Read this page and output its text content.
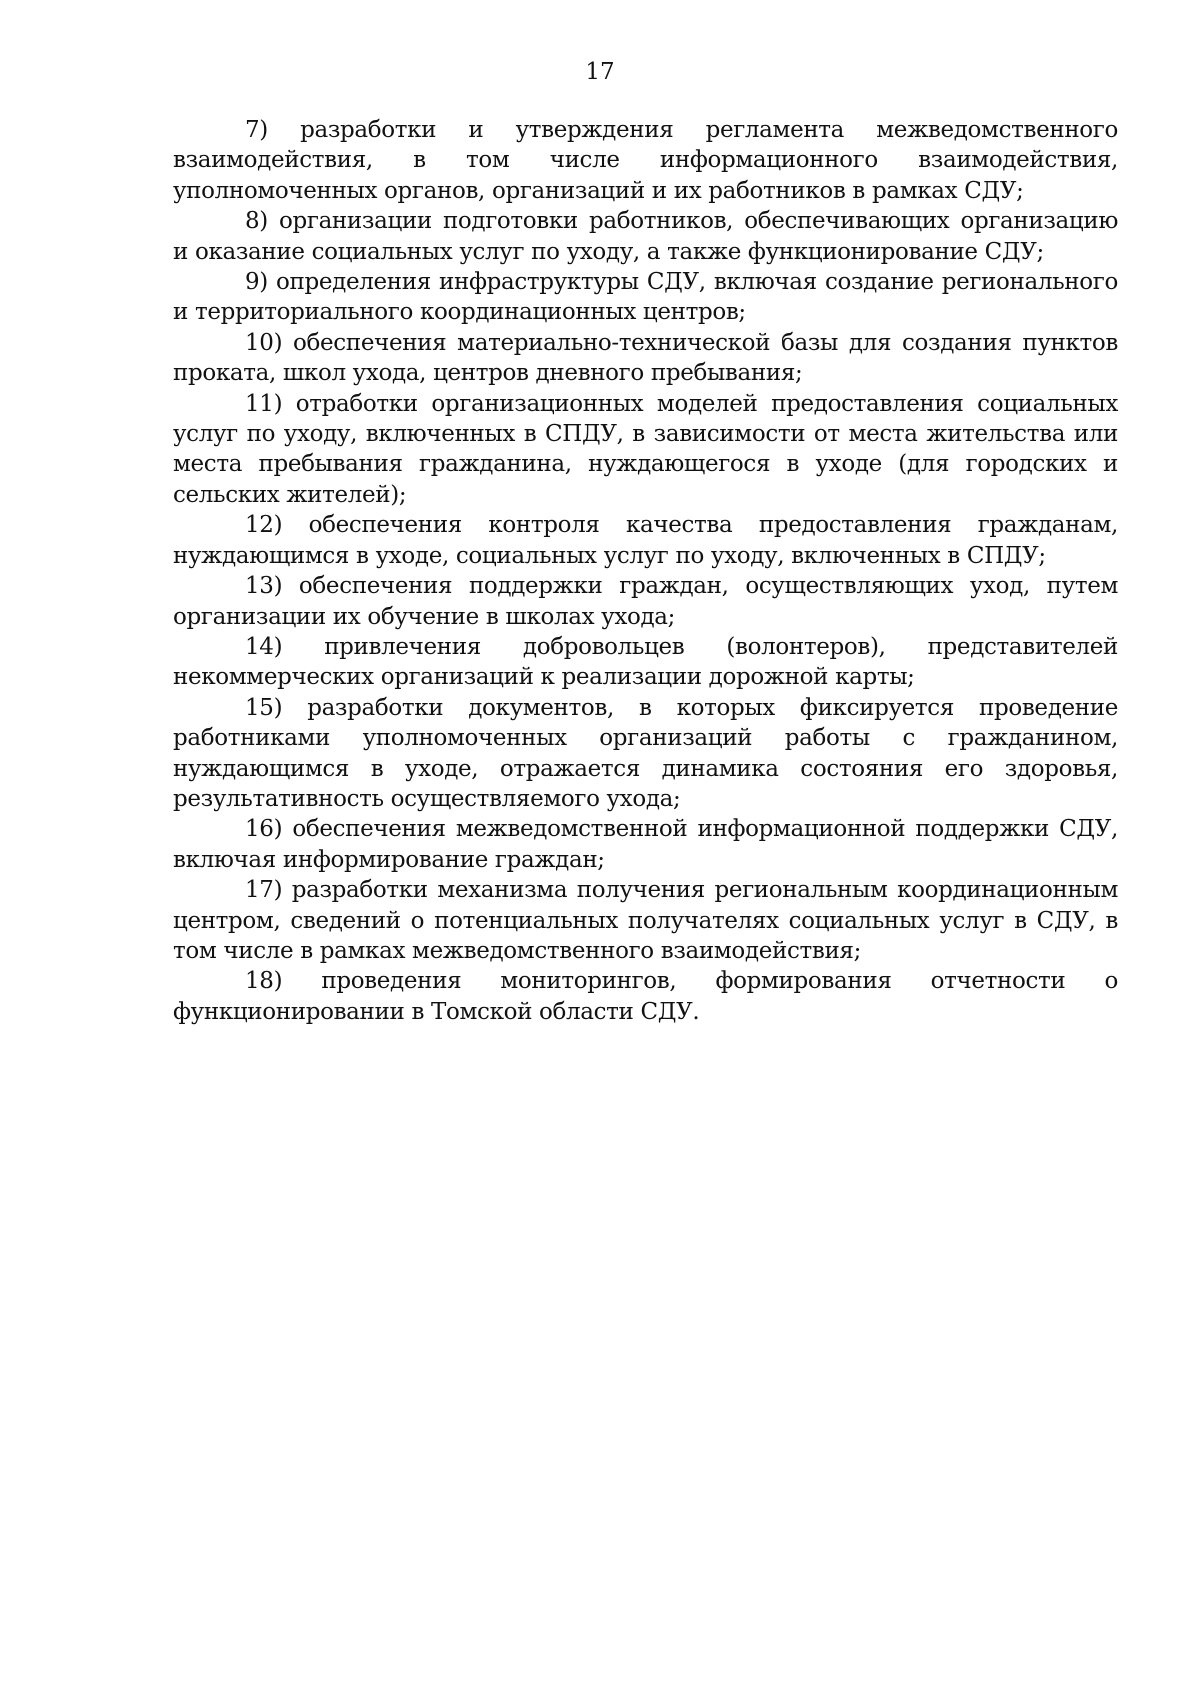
17

7) разработки и утверждения регламента межведомственного взаимодействия, в том числе информационного взаимодействия, уполномоченных органов, организаций и их работников в рамках СДУ;

8) организации подготовки работников, обеспечивающих организацию и оказание социальных услуг по уходу, а также функционирование СДУ;

9) определения инфраструктуры СДУ, включая создание регионального и территориального координационных центров;

10) обеспечения материально-технической базы для создания пунктов проката, школ ухода, центров дневного пребывания;

11) отработки организационных моделей предоставления социальных услуг по уходу, включенных в СПДУ, в зависимости от места жительства или места пребывания гражданина, нуждающегося в уходе (для городских и сельских жителей);

12) обеспечения контроля качества предоставления гражданам, нуждающимся в уходе, социальных услуг по уходу, включенных в СПДУ;

13) обеспечения поддержки граждан, осуществляющих уход, путем организации их обучение в школах ухода;

14) привлечения добровольцев (волонтеров), представителей некоммерческих организаций к реализации дорожной карты;

15) разработки документов, в которых фиксируется проведение работниками уполномоченных организаций работы с гражданином, нуждающимся в уходе, отражается динамика состояния его здоровья, результативность осуществляемого ухода;

16) обеспечения межведомственной информационной поддержки СДУ, включая информирование граждан;

17) разработки механизма получения региональным координационным центром, сведений о потенциальных получателях социальных услуг в СДУ, в том числе в рамках межведомственного взаимодействия;

18) проведения мониторингов, формирования отчетности о функционировании в Томской области СДУ.
